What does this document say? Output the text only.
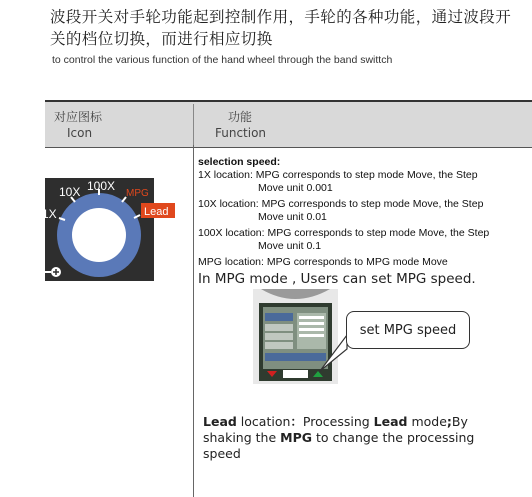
波段开关对手轮功能起到控制作用，手轮的各种功能，通过波段开关的档位切换，而进行相应切换
to control the various function of the hand wheel through the band swittch
对应图标
Icon
功能
Function
1X
10X 100X
MPG
Lead
selection speed:
1X location: MPG corresponds to step mode Move, the Step
Move unit 0.001
10X location: MPG corresponds to step mode Move, the Step
Move unit 0.01
100X location: MPG corresponds to step mode Move, the Step
Move unit 0.1
MPG location: MPG corresponds to MPG mode Move
In MPG mode , Users can set MPG speed.
set MPG speed
Lead location：Processing Lead mode;By shaking the MPG to change the processing speed
